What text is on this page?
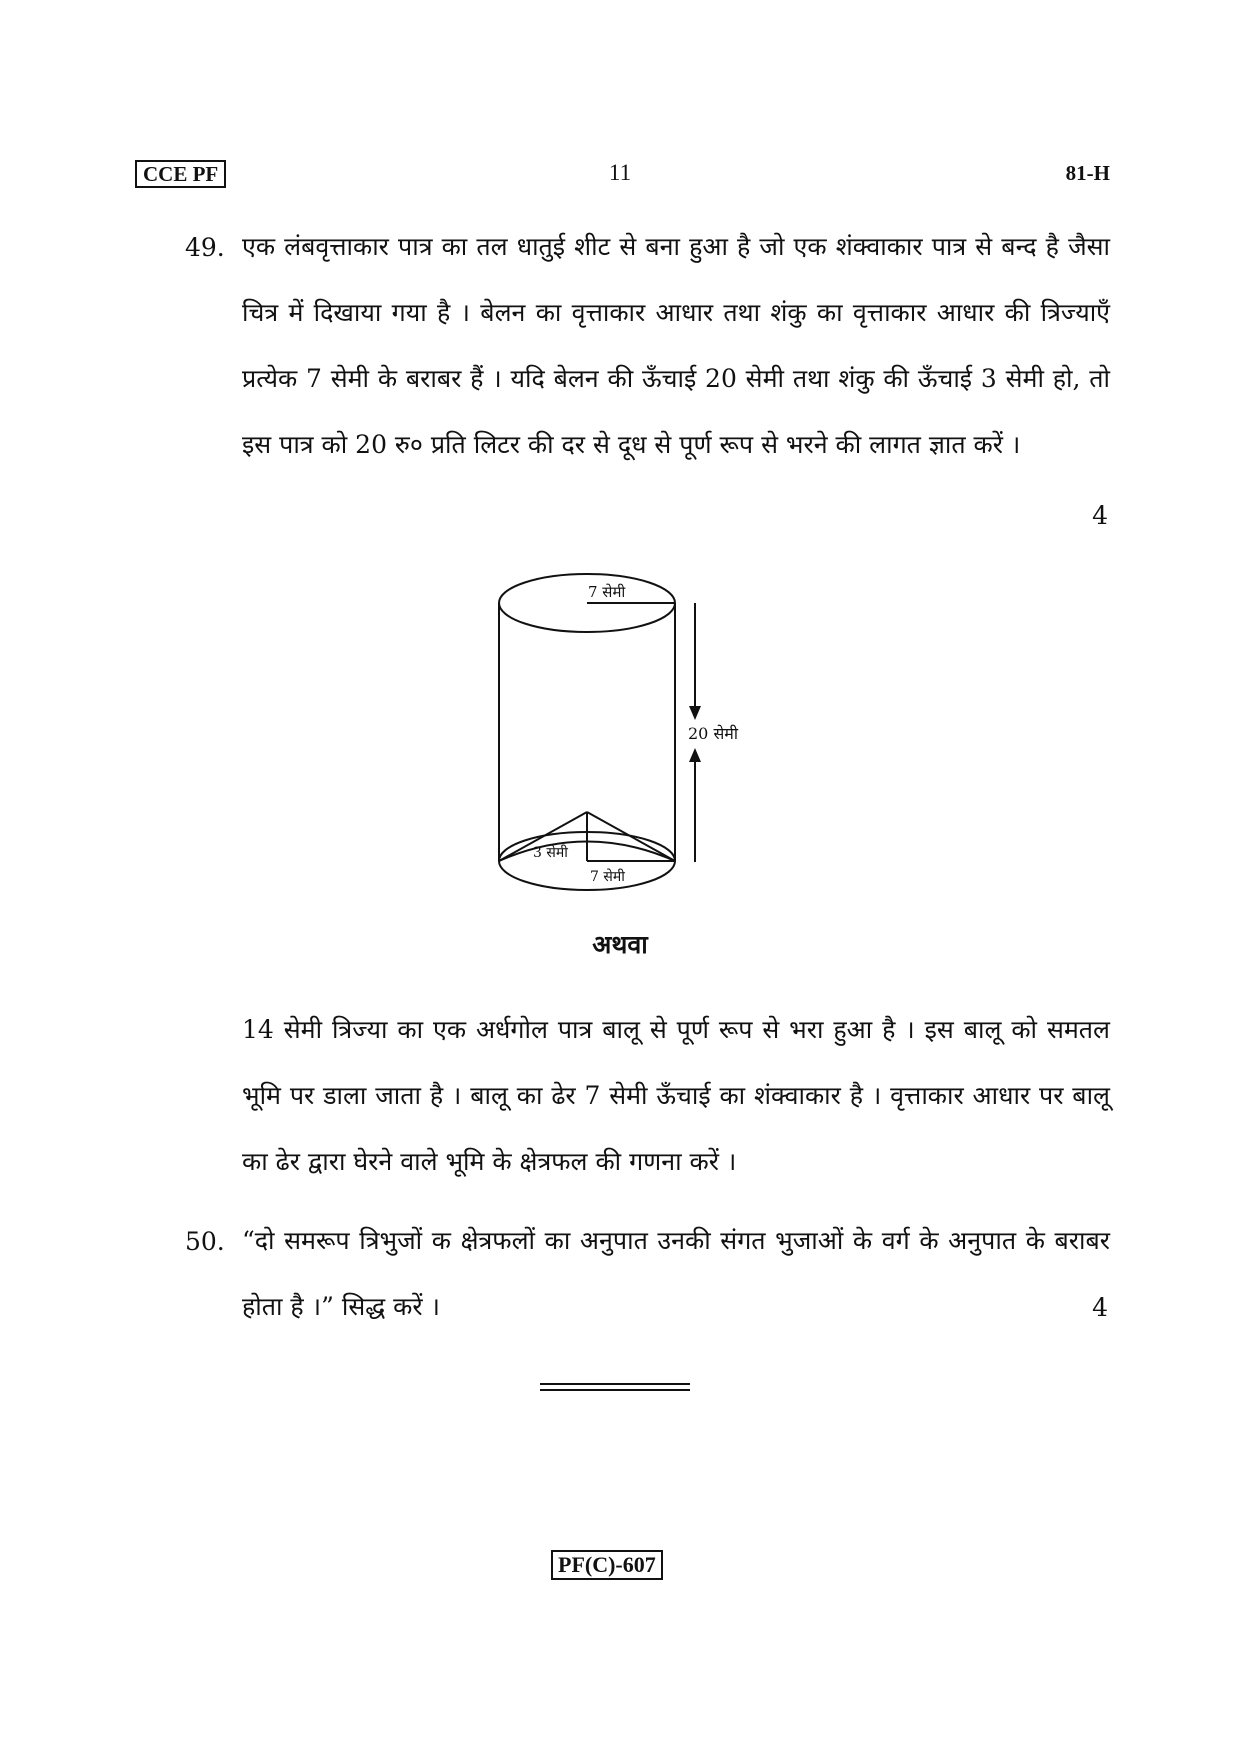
CCE PF	11	81-H
49. एक लंबवृत्ताकार पात्र का तल धातुई शीट से बना हुआ है जो एक शंक्वाकार पात्र से बन्द है जैसा चित्र में दिखाया गया है । बेलन का वृत्ताकार आधार तथा शंकु का वृत्ताकार आधार की त्रिज्याएँ प्रत्येक 7 सेमी के बराबर हैं । यदि बेलन की ऊँचाई 20 सेमी तथा शंकु की ऊँचाई 3 सेमी हो, तो इस पात्र को 20 रु० प्रति लिटर की दर से दूध से पूर्ण रूप से भरने की लागत ज्ञात करें ।
4
7 सेमी
20 सेमी
3 सेमी
7 सेमी
अथवा
14 सेमी त्रिज्या का एक अर्धगोल पात्र बालू से पूर्ण रूप से भरा हुआ है । इस बालू को समतल भूमि पर डाला जाता है । बालू का ढेर 7 सेमी ऊँचाई का शंक्वाकार है । वृत्ताकार आधार पर बालू का ढेर द्वारा घेरने वाले भूमि के क्षेत्रफल की गणना करें ।
50. “दो समरूप त्रिभुजों क क्षेत्रफलों का अनुपात उनकी संगत भुजाओं के वर्ग के अनुपात के बराबर होता है ।” सिद्ध करें ।	4
PF(C)-607
